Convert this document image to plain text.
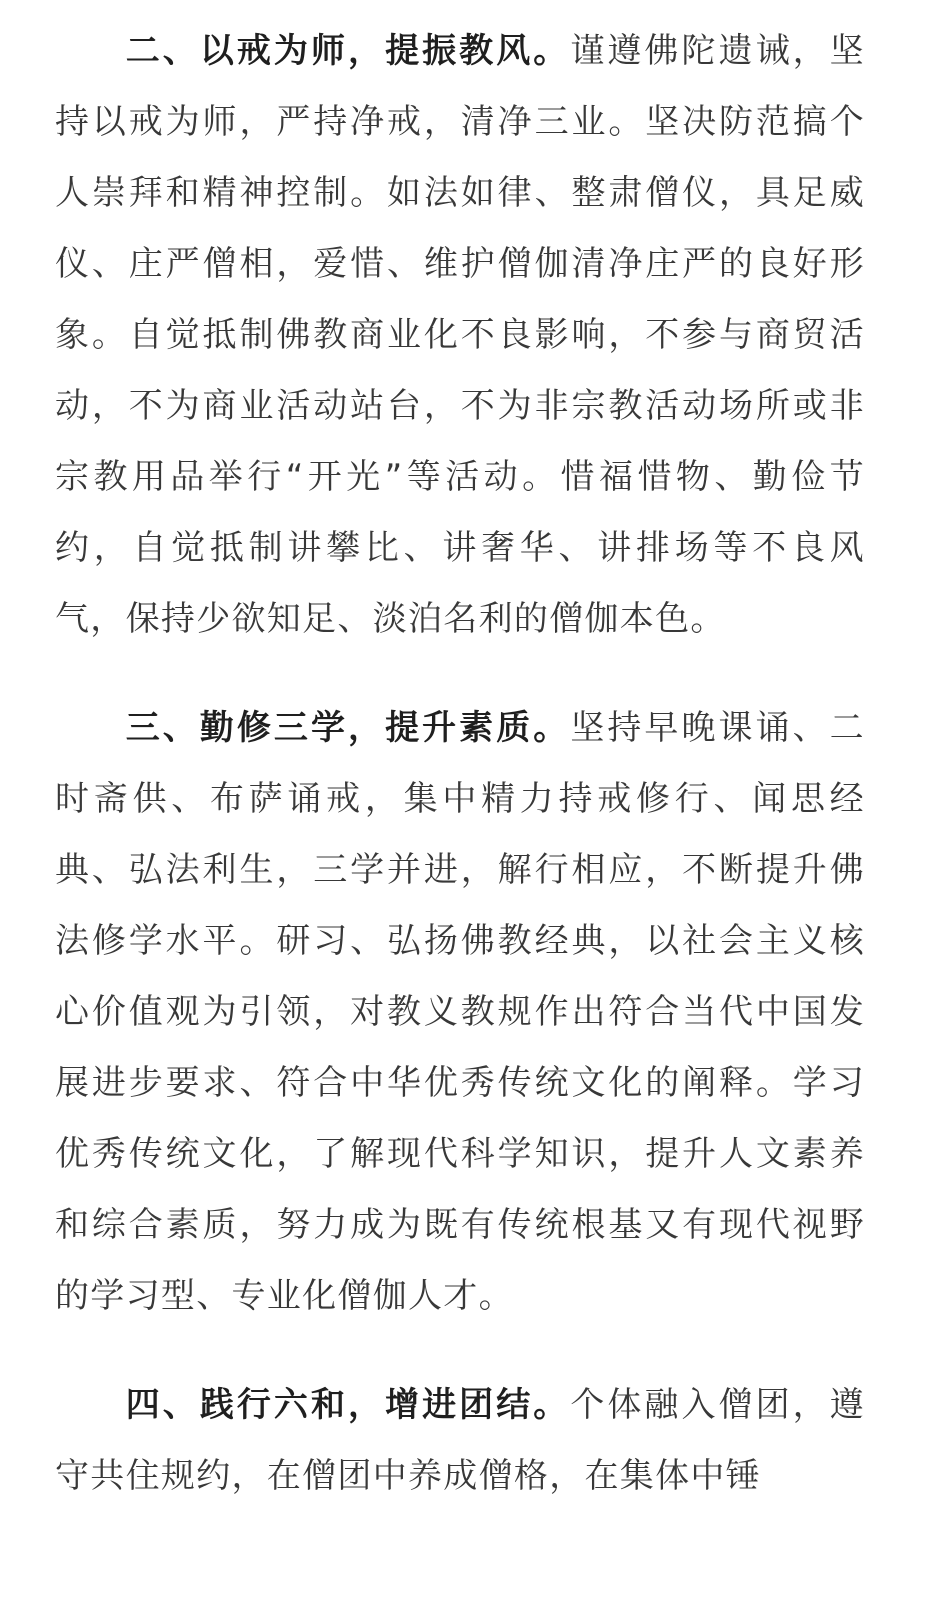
二、以戒为师，提振教风。谨遵佛陀遗诫，坚持以戒为师，严持净戒，清净三业。坚决防范搞个人崇拜和精神控制。如法如律、整肃僧仪，具足威仪、庄严僧相，爱惜、维护僧伽清净庄严的良好形象。自觉抵制佛教商业化不良影响，不参与商贸活动，不为商业活动站台，不为非宗教活动场所或非宗教用品举行“开光”等活动。惜福惜物、勤俭节约，自觉抵制讲攀比、讲奢华、讲排场等不良风气，保持少欲知足、淡泊名利的僧伽本色。

三、勤修三学，提升素质。坚持早晚课诵、二时斋供、布萨诵戒，集中精力持戒修行、闻思经典、弘法利生，三学并进，解行相应，不断提升佛法修学水平。研习、弘扬佛教经典，以社会主义核心价值观为引领，对教义教规作出符合当代中国发展进步要求、符合中华优秀传统文化的阐释。学习优秀传统文化，了解现代科学知识，提升人文素养和综合素质，努力成为既有传统根基又有现代视野的学习型、专业化僧伽人才。

四、践行六和，增进团结。个体融入僧团，遵守共住规约，在僧团中养成僧格，在集体中锤
